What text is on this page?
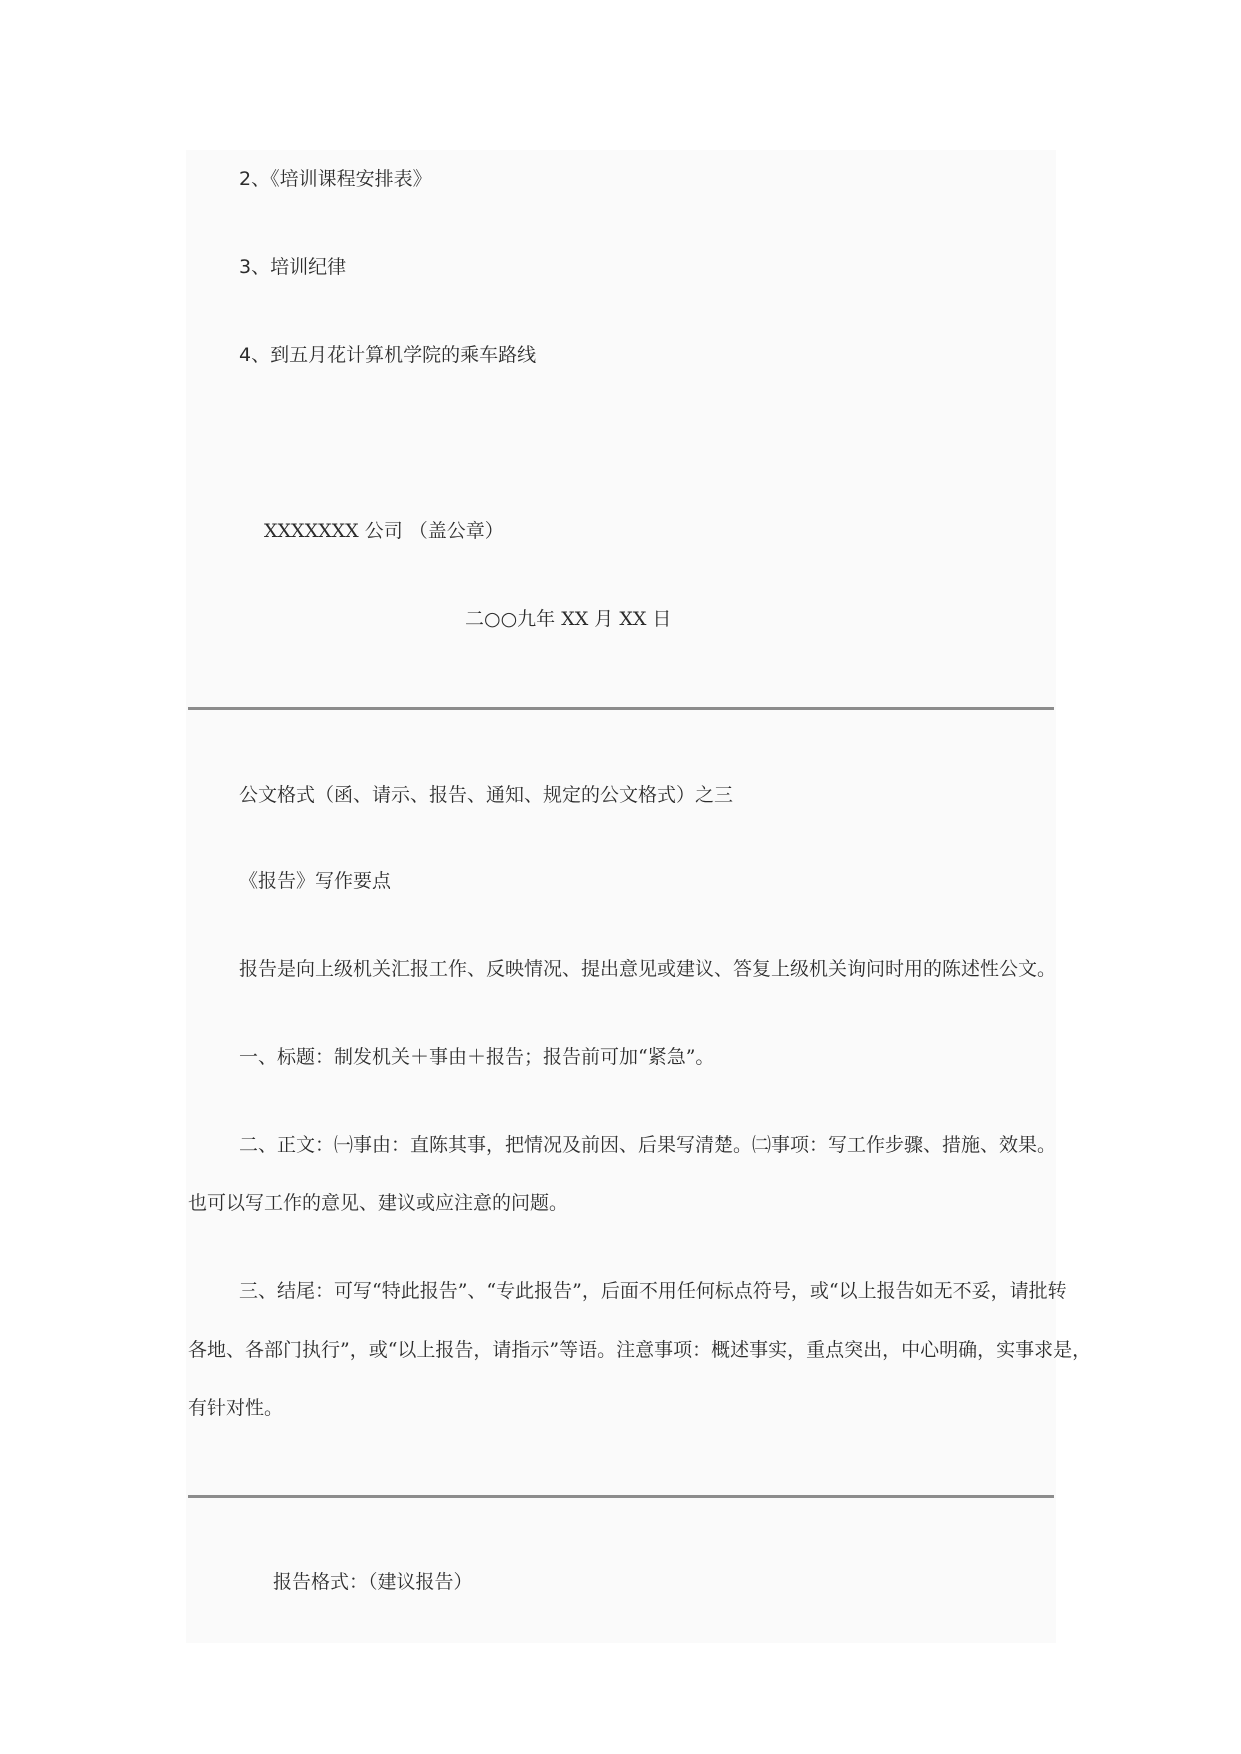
2、《培训课程安排表》
3、培训纪律
4、到五月花计算机学院的乘车路线
XXXXXXX 公司 （盖公章）
二○○九年 XX 月 XX 日
公文格式（函、请示、报告、通知、规定的公文格式）之三
《报告》写作要点
报告是向上级机关汇报工作、反映情况、提出意见或建议、答复上级机关询问时用的陈述性公文。
一、标题：制发机关＋事由＋报告；报告前可加“紧急”。
二、正文：㈠事由：直陈其事，把情况及前因、后果写清楚。㈡事项：写工作步骤、措施、效果。
也可以写工作的意见、建议或应注意的问题。
三、结尾：可写“特此报告”、“专此报告”，后面不用任何标点符号，或“以上报告如无不妥，请批转
各地、各部门执行”，或“以上报告，请指示”等语。注意事项：概述事实，重点突出，中心明确，实事求是，
有针对性。
报告格式：（建议报告）
